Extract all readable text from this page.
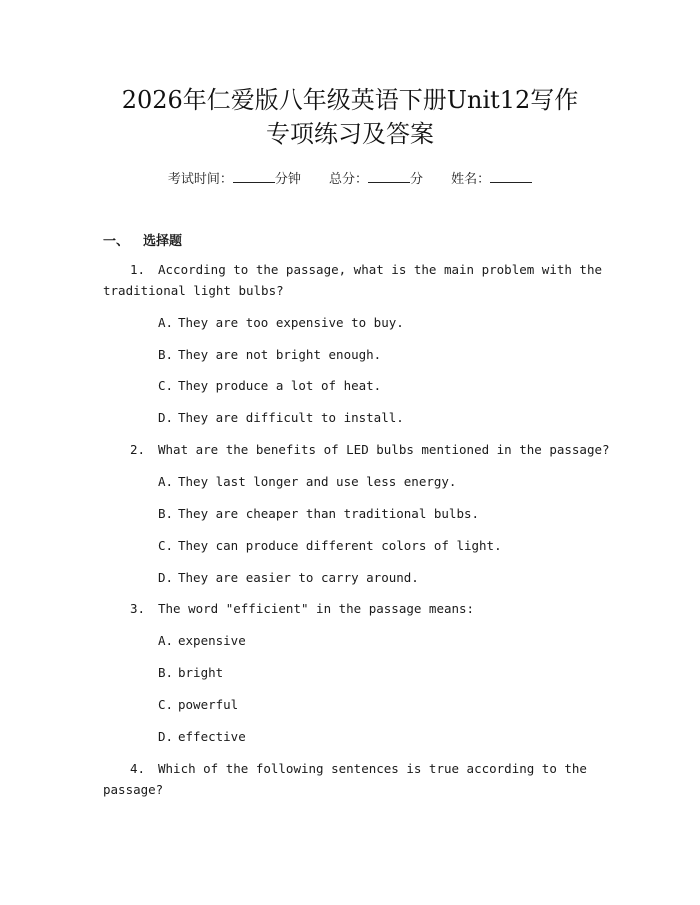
2026年仁爱版八年级英语下册Unit12写作
专项练习及答案
考试时间：	分钟 总分：	分 姓名：
一、 选择题
1. According to the passage, what is the main problem with the
traditional light bulbs?
A. They are too expensive to buy.
B. They are not bright enough.
C. They produce a lot of heat.
D. They are difficult to install.
2. What are the benefits of LED bulbs mentioned in the passage?
A. They last longer and use less energy.
B. They are cheaper than traditional bulbs.
C. They can produce different colors of light.
D. They are easier to carry around.
3. The word "efficient" in the passage means:
A. expensive
B. bright
C. powerful
D. effective
4. Which of the following sentences is true according to the
passage?
